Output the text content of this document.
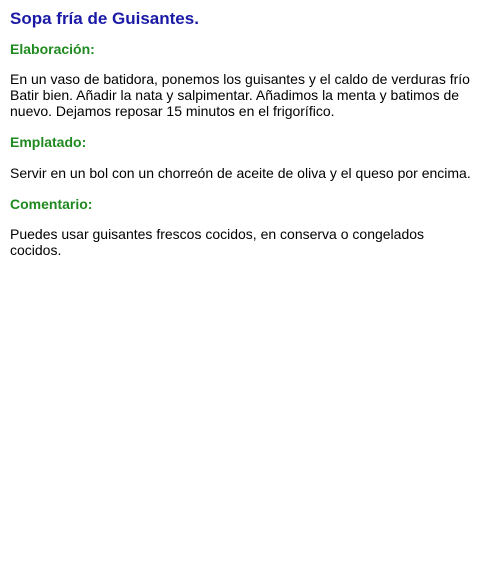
Sopa fría de Guisantes.
Elaboración:

En un vaso de batidora, ponemos los guisantes y el caldo de verduras frío Batir bien. Añadir la nata y salpimentar. Añadimos la menta y batimos de nuevo. Dejamos reposar 15 minutos en el frigorífico.

Emplatado:

Servir en un bol con un chorreón de aceite de oliva y el queso por encima.

Comentario:

Puedes usar guisantes frescos cocidos, en conserva o congelados cocidos.
